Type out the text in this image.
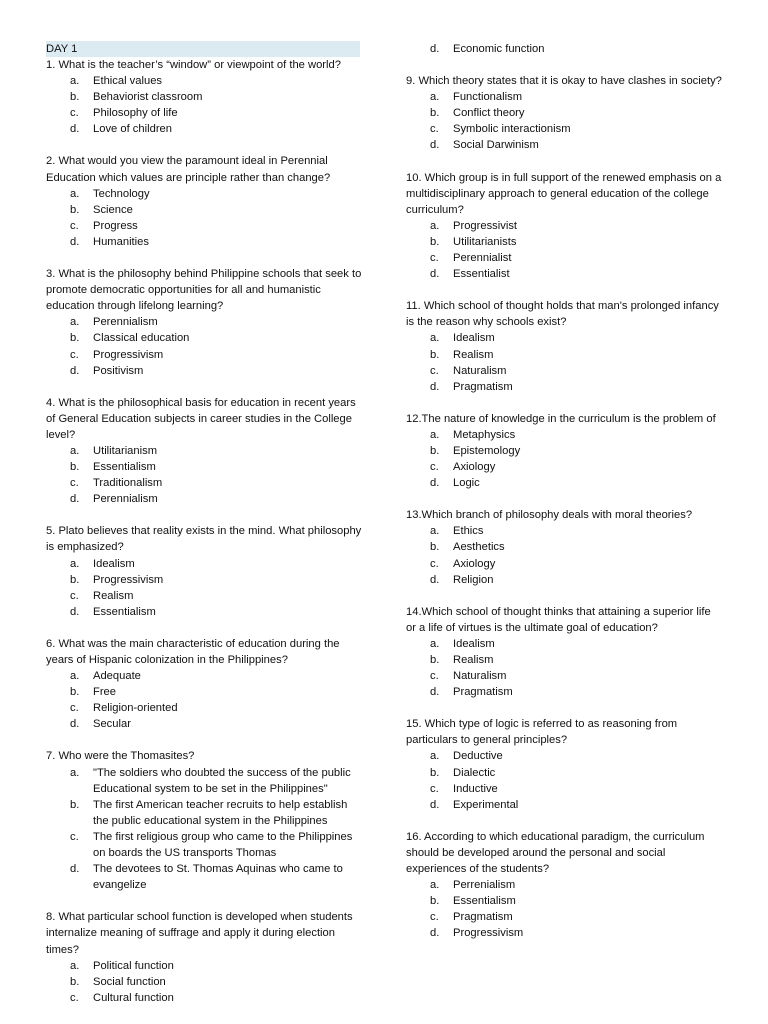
DAY 1
1. What is the teacher’s “window” or viewpoint of the world?
a.	Ethical values
b.	Behaviorist classroom
c.	Philosophy of life
d.	Love of children
2. What would you view the paramount ideal in Perennial Education which values are principle rather than change?
a.	Technology
b.	Science
c.	Progress
d.	Humanities
3. What is the philosophy behind Philippine schools that seek to promote democratic opportunities for all and humanistic education through lifelong learning?
a.	Perennialism
b.	Classical education
c.	Progressivism
d.	Positivism
4. What is the philosophical basis for education in recent years of General Education subjects in career studies in the College level?
a.	Utilitarianism
b.	Essentialism
c.	Traditionalism
d.	Perennialism
5. Plato believes that reality exists in the mind. What philosophy is emphasized?
a.	Idealism
b.	Progressivism
c.	Realism
d.	Essentialism
6. What was the main characteristic of education during the years of Hispanic colonization in the Philippines?
a.	Adequate
b.	Free
c.	Religion-oriented
d.	Secular
7. Who were the Thomasites?
a.	"The soldiers who doubted the success of the public Educational system to be set in the Philippines"
b.	The first American teacher recruits to help establish the public educational system in the Philippines
c.	The first religious group who came to the Philippines on boards the US transports Thomas
d.	The devotees to St. Thomas Aquinas who came to evangelize
8. What particular school function is developed when students internalize meaning of suffrage and apply it during election times?
a.	Political function
b.	Social function
c.	Cultural function
d.	Economic function
9. Which theory states that it is okay to have clashes in society?
a.	Functionalism
b.	Conflict theory
c.	Symbolic interactionism
d.	Social Darwinism
10. Which group is in full support of the renewed emphasis on a multidisciplinary approach to general education of the college curriculum?
a.	Progressivist
b.	Utilitarianists
c.	Perennialist
d.	Essentialist
11. Which school of thought holds that man's prolonged infancy is the reason why schools exist?
a.	Idealism
b.	Realism
c.	Naturalism
d.	Pragmatism
12.The nature of knowledge in the curriculum is the problem of
a.	Metaphysics
b.	Epistemology
c.	Axiology
d.	Logic
13.Which branch of philosophy deals with moral theories?
a.	Ethics
b.	Aesthetics
c.	Axiology
d.	Religion
14.Which school of thought thinks that attaining a superior life or a life of virtues is the ultimate goal of education?
a.	Idealism
b.	Realism
c.	Naturalism
d.	Pragmatism
15. Which type of logic is referred to as reasoning from particulars to general principles?
a.	Deductive
b.	Dialectic
c.	Inductive
d.	Experimental
16. According to which educational paradigm, the curriculum should be developed around the personal and social experiences of the students?
a.	Perrenialism
b.	Essentialism
c.	Pragmatism
d.	Progressivism
